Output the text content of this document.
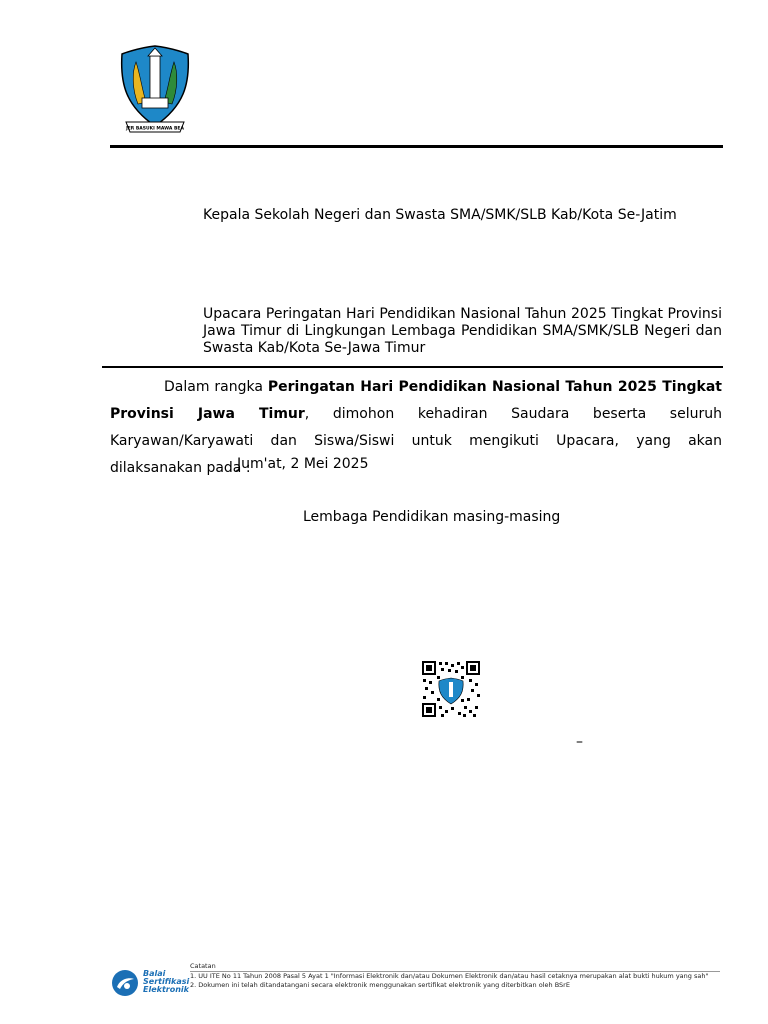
JER BASUKI MAWA BEA
Kepala Sekolah Negeri dan Swasta SMA/SMK/SLB Kab/Kota Se-Jatim
Upacara Peringatan Hari Pendidikan Nasional Tahun 2025 Tingkat Provinsi Jawa Timur di Lingkungan Lembaga Pendidikan SMA/SMK/SLB Negeri dan Swasta Kab/Kota Se-Jawa Timur
Dalam rangka Peringatan Hari Pendidikan Nasional Tahun 2025 Tingkat Provinsi Jawa Timur, dimohon kehadiran Saudara beserta seluruh Karyawan/Karyawati dan Siswa/Siswi untuk mengikuti Upacara, yang akan dilaksanakan pada :
Jum'at, 2 Mei 2025
Lembaga Pendidikan masing-masing
–
Balai Sertifikasi Elektronik
Catatan
1. UU ITE No 11 Tahun 2008 Pasal 5 Ayat 1 "Informasi Elektronik dan/atau Dokumen Elektronik dan/atau hasil cetaknya merupakan alat bukti hukum yang sah"
2. Dokumen ini telah ditandatangani secara elektronik menggunakan sertifikat elektronik yang diterbitkan oleh BSrE
